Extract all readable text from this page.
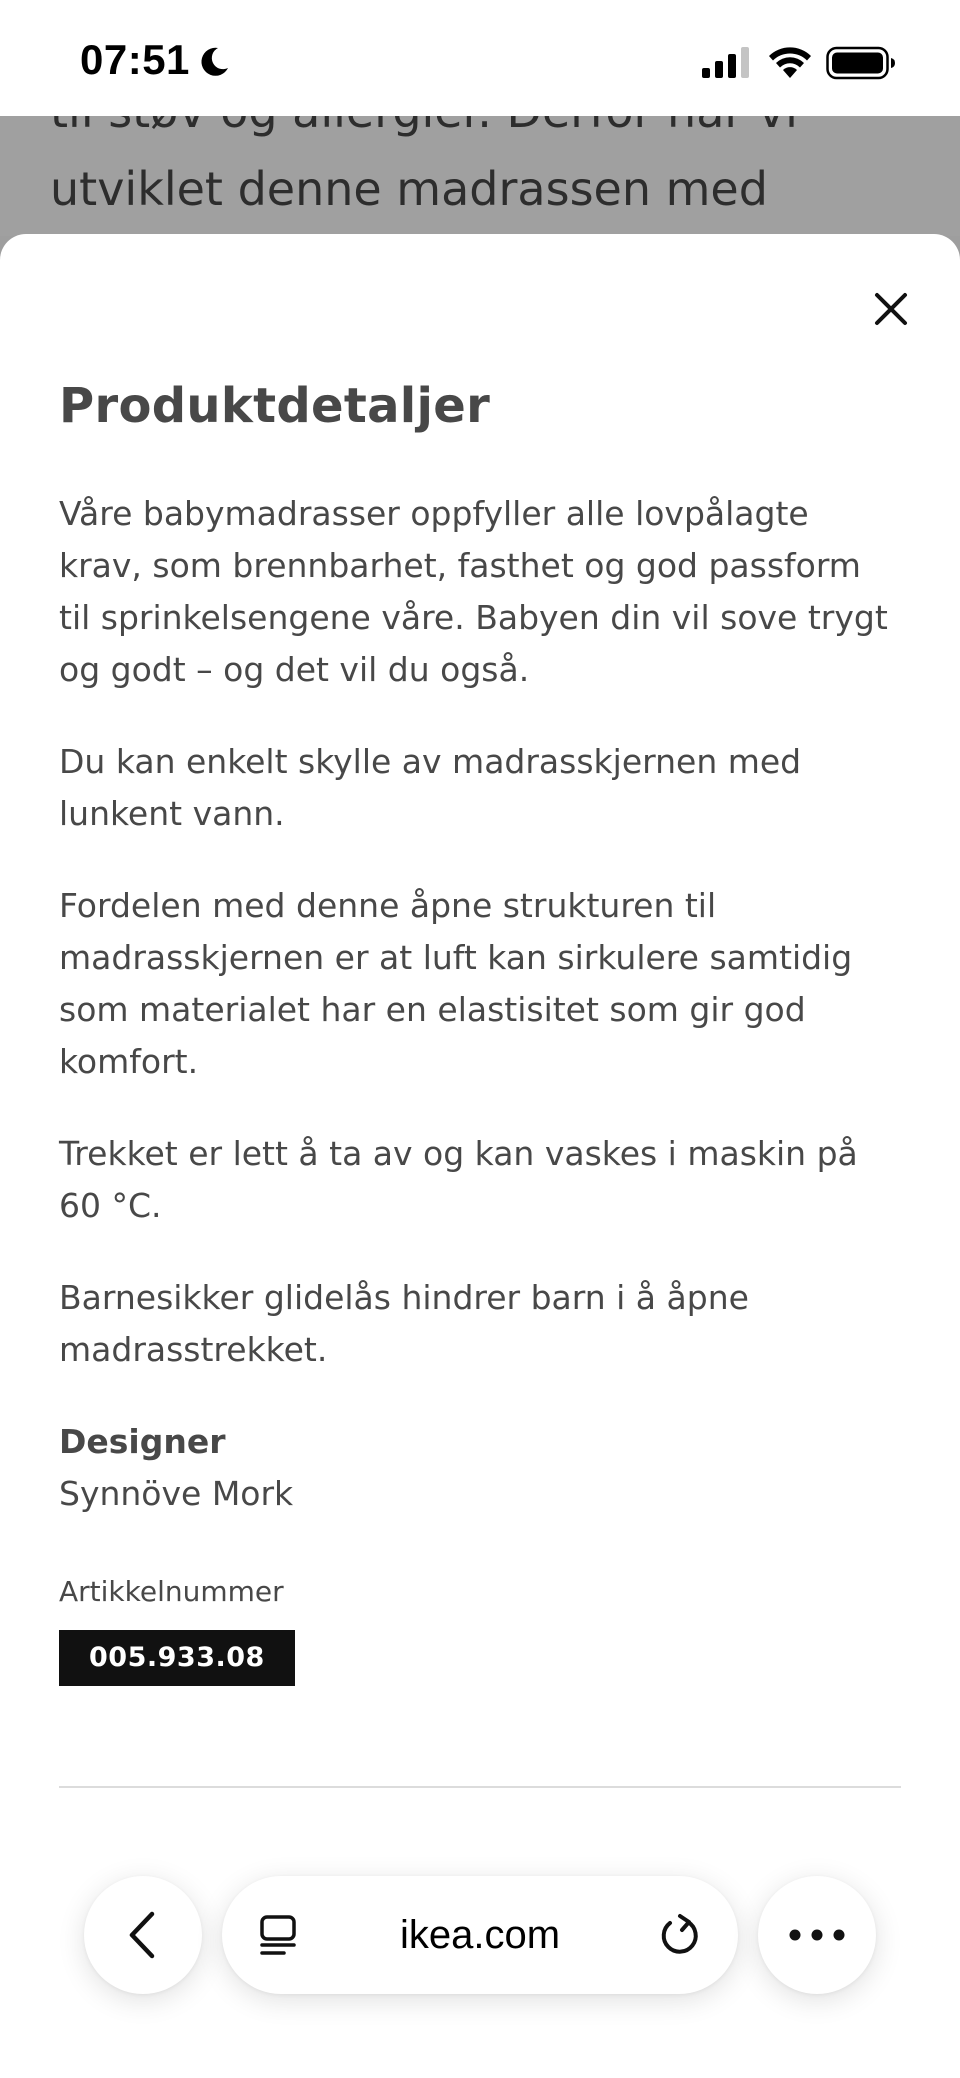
07:51
utviklet denne madrassen med
Produktdetaljer

Våre babymadrasser oppfyller alle lovpålagte krav, som brennbarhet, fasthet og god passform til sprinkelsengene våre. Babyen din vil sove trygt og godt – og det vil du også.

Du kan enkelt skylle av madrasskjernen med lunkent vann.

Fordelen med denne åpne strukturen til madrasskjernen er at luft kan sirkulere samtidig som materialet har en elastisitet som gir god komfort.

Trekket er lett å ta av og kan vaskes i maskin på 60 °C.

Barnesikker glidelås hindrer barn i å åpne madrasstrekket.

Designer

Synnöve Mork

Artikkelnummer

005.933.08
ikea.com
